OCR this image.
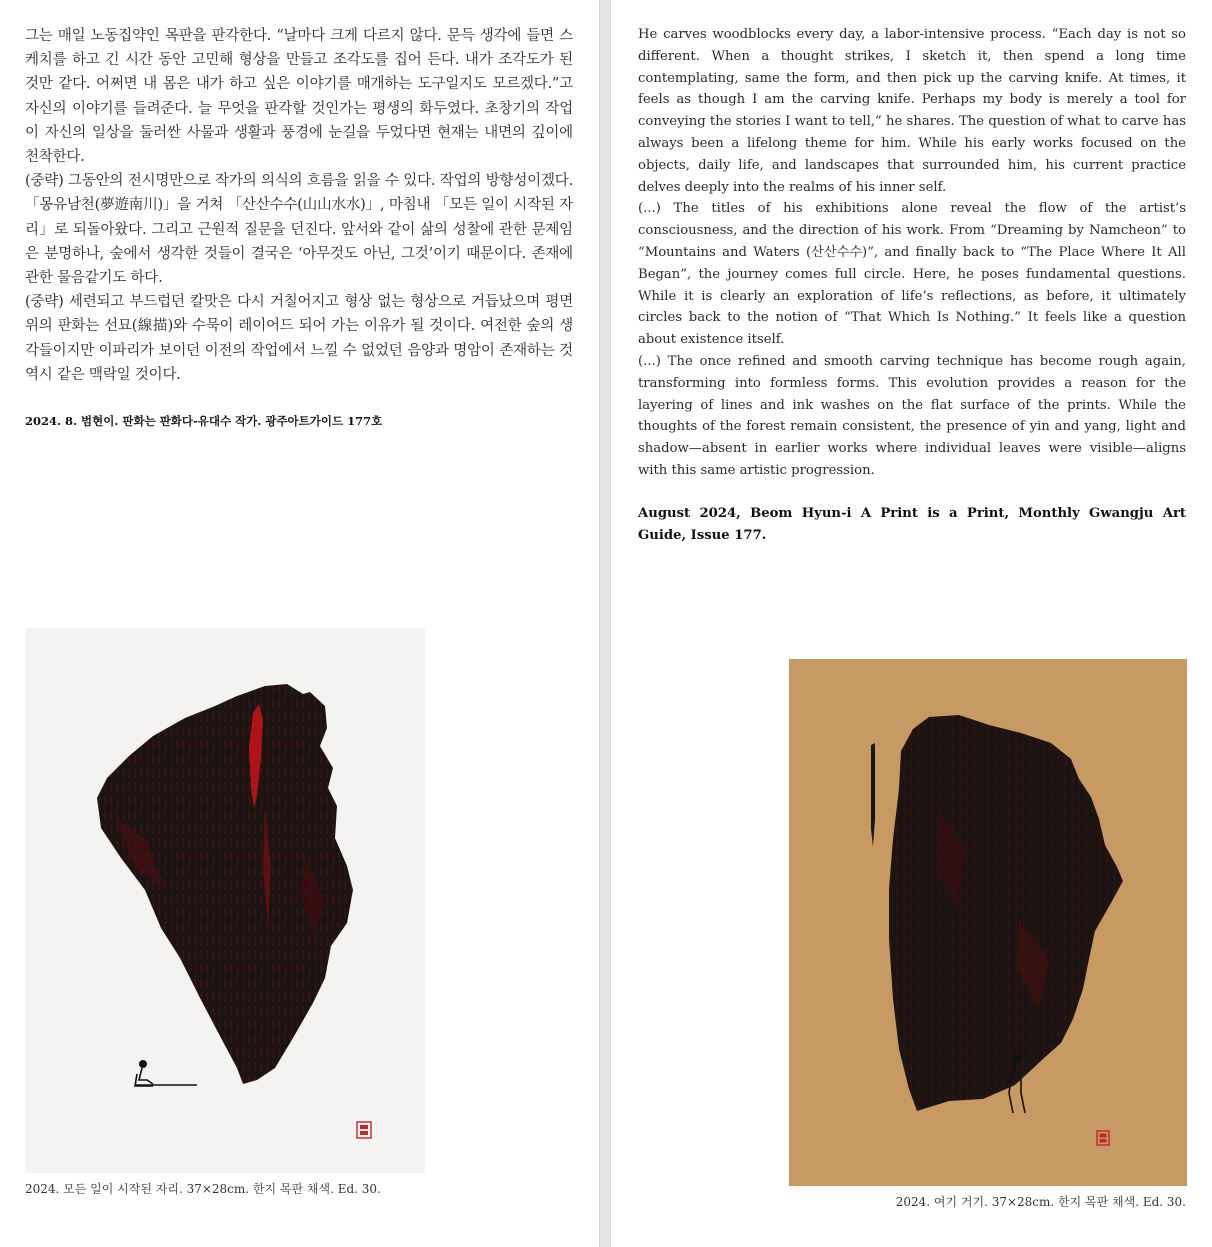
그는 매일 노동집약인 목판을 판각한다. “날마다 크게 다르지 않다. 문득 생각에 들면 스케치를 하고 긴 시간 동안 고민해 형상을 만들고 조각도를 집어 든다. 내가 조각도가 된 것만 같다. 어쩌면 내 몸은 내가 하고 싶은 이야기를 매개하는 도구일지도 모르겠다.”고 자신의 이야기를 들려준다. 늘 무엇을 판각할 것인가는 평생의 화두였다. 초창기의 작업이 자신의 일상을 둘러싼 사물과 생활과 풍경에 눈길을 두었다면 현재는 내면의 깊이에 천착한다.

(중략) 그동안의 전시명만으로 작가의 의식의 흐름을 읽을 수 있다. 작업의 방향성이겠다. 「몽유남천(夢遊南川)」을 거쳐 「산산수수(山山水水)」, 마침내 「모든 일이 시작된 자리」로 되돌아왔다. 그리고 근원적 질문을 던진다. 앞서와 같이 삶의 성찰에 관한 문제임은 분명하나, 숲에서 생각한 것들이 결국은 ‘아무것도 아닌, 그것’이기 때문이다. 존재에 관한 물음같기도 하다.

(중략) 세련되고 부드럽던 칼맛은 다시 거칠어지고 형상 없는 형상으로 거듭났으며 평면 위의 판화는 선묘(線描)와 수묵이 레이어드 되어 가는 이유가 될 것이다. 여전한 숲의 생각들이지만 이파리가 보이던 이전의 작업에서 느낄 수 없었던 음양과 명암이 존재하는 것 역시 같은 맥락일 것이다.

2024. 8. 범현이. 판화는 판화다-유대수 작가. 광주아트가이드 177호
2024. 모든 일이 시작된 자리. 37×28cm. 한지 목판 채색. Ed. 30.

He carves woodblocks every day, a labor-intensive process. “Each day is not so different. When a thought strikes, I sketch it, then spend a long time contemplating, same the form, and then pick up the carving knife. At times, it feels as though I am the carving knife. Perhaps my body is merely a tool for conveying the stories I want to tell,” he shares. The question of what to carve has always been a lifelong theme for him. While his early works focused on the objects, daily life, and landscapes that surrounded him, his current practice delves deeply into the realms of his inner self.

(...) The titles of his exhibitions alone reveal the flow of the artist’s consciousness, and the direction of his work. From “Dreaming by Namcheon” to “Mountains and Waters (산산수수)”, and finally back to “The Place Where It All Began”, the journey comes full circle. Here, he poses fundamental questions. While it is clearly an exploration of life’s reflections, as before, it ultimately circles back to the notion of “That Which Is Nothing.” It feels like a question about existence itself.

(...) The once refined and smooth carving technique has become rough again, transforming into formless forms. This evolution provides a reason for the layering of lines and ink washes on the flat surface of the prints. While the thoughts of the forest remain consistent, the presence of yin and yang, light and shadow—absent in earlier works where individual leaves were visible—aligns with this same artistic progression.

August 2024, Beom Hyun-i A Print is a Print, Monthly Gwangju Art Guide, Issue 177.
2024. 여기 거기. 37×28cm. 한지 목판 채색. Ed. 30.
